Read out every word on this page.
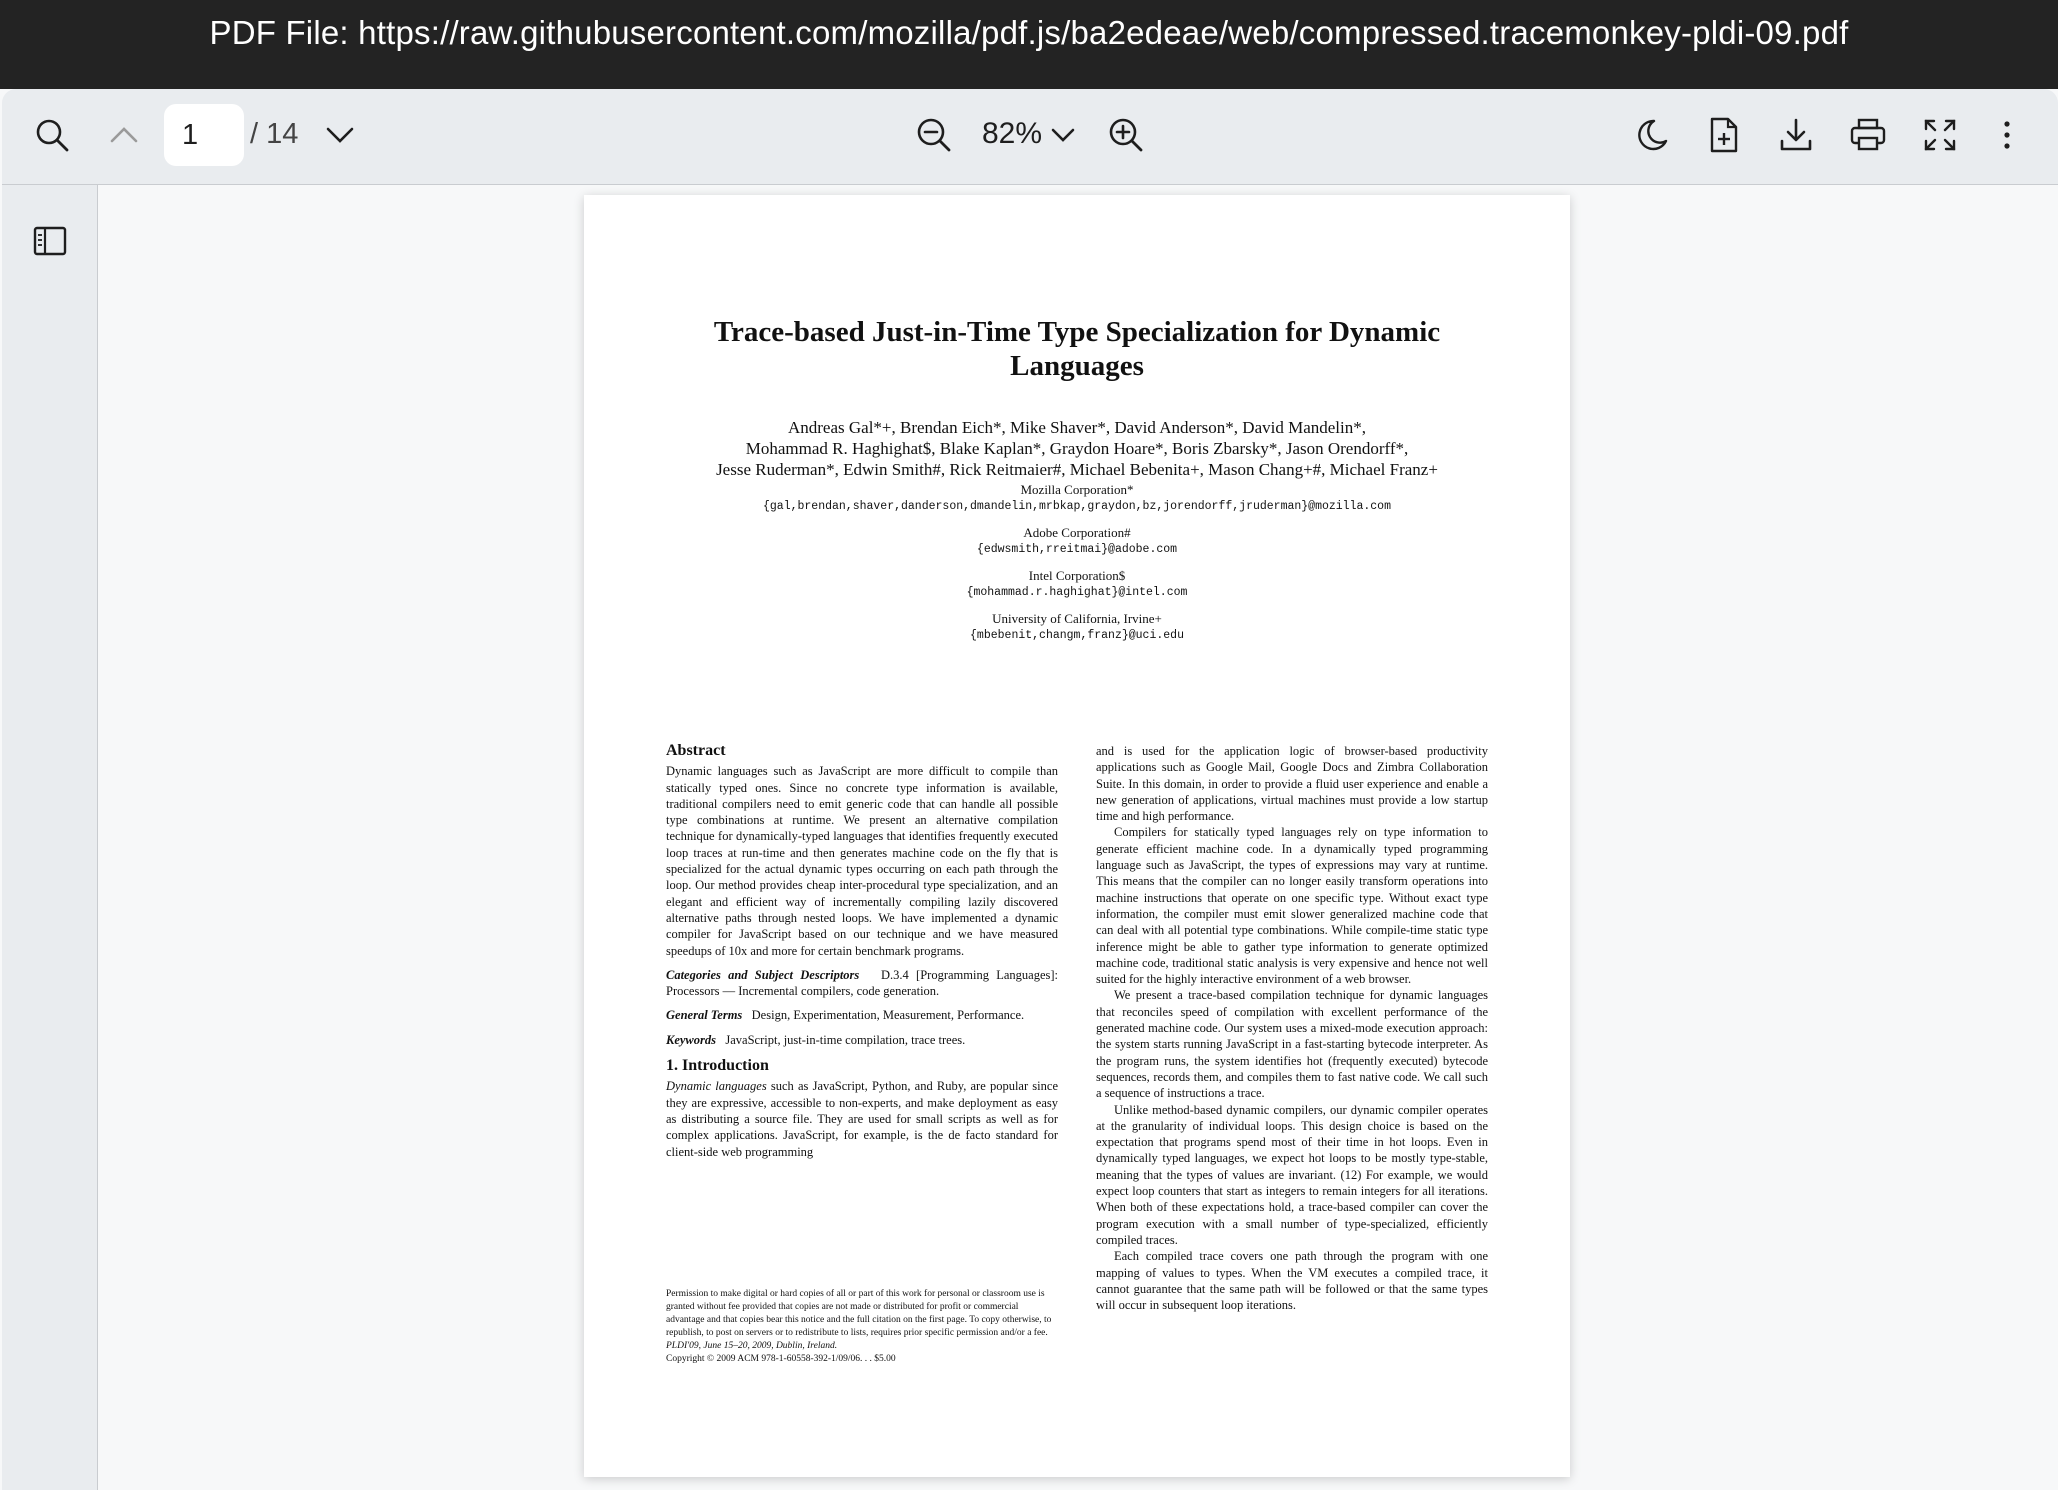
PDF File: https://raw.githubusercontent.com/mozilla/pdf.js/ba2edeae/web/compressed.tracemonkey-pldi-09.pdf
1
/ 14	82%
Trace-based Just-in-Time Type Specialization for Dynamic Languages
Andreas Gal*+, Brendan Eich*, Mike Shaver*, David Anderson*, David Mandelin*,
Mohammad R. Haghighat$, Blake Kaplan*, Graydon Hoare*, Boris Zbarsky*, Jason Orendorff*,
Jesse Ruderman*, Edwin Smith#, Rick Reitmaier#, Michael Bebenita+, Mason Chang+#, Michael Franz+
Mozilla Corporation*
{gal,brendan,shaver,danderson,dmandelin,mrbkap,graydon,bz,jorendorff,jruderman}@mozilla.com
Adobe Corporation#
{edwsmith,rreitmai}@adobe.com
Intel Corporation$
{mohammad.r.haghighat}@intel.com
University of California, Irvine+
{mbebenit,changm,franz}@uci.edu
Abstract

Dynamic languages such as JavaScript are more difficult to compile than statically typed ones. Since no concrete type information is available, traditional compilers need to emit generic code that can handle all possible type combinations at runtime. We present an alternative compilation technique for dynamically-typed languages that identifies frequently executed loop traces at run-time and then generates machine code on the fly that is specialized for the actual dynamic types occurring on each path through the loop. Our method provides cheap inter-procedural type specialization, and an elegant and efficient way of incrementally compiling lazily discovered alternative paths through nested loops. We have implemented a dynamic compiler for JavaScript based on our technique and we have measured speedups of 10x and more for certain benchmark programs.

Categories and Subject Descriptors D.3.4 [Programming Languages]: Processors — Incremental compilers, code generation.

General Terms Design, Experimentation, Measurement, Performance.

Keywords JavaScript, just-in-time compilation, trace trees.

1. Introduction

Dynamic languages such as JavaScript, Python, and Ruby, are popular since they are expressive, accessible to non-experts, and make deployment as easy as distributing a source file. They are used for small scripts as well as for complex applications. JavaScript, for example, is the de facto standard for client-side web programming

Permission to make digital or hard copies of all or part of this work for personal or classroom use is granted without fee provided that copies are not made or distributed for profit or commercial advantage and that copies bear this notice and the full citation on the first page. To copy otherwise, to republish, to post on servers or to redistribute to lists, requires prior specific permission and/or a fee.
PLDI'09, June 15–20, 2009, Dublin, Ireland.
Copyright © 2009 ACM 978-1-60558-392-1/09/06. . . $5.00

and is used for the application logic of browser-based productivity applications such as Google Mail, Google Docs and Zimbra Collaboration Suite. In this domain, in order to provide a fluid user experience and enable a new generation of applications, virtual machines must provide a low startup time and high performance.

Compilers for statically typed languages rely on type information to generate efficient machine code. In a dynamically typed programming language such as JavaScript, the types of expressions may vary at runtime. This means that the compiler can no longer easily transform operations into machine instructions that operate on one specific type. Without exact type information, the compiler must emit slower generalized machine code that can deal with all potential type combinations. While compile-time static type inference might be able to gather type information to generate optimized machine code, traditional static analysis is very expensive and hence not well suited for the highly interactive environment of a web browser.

We present a trace-based compilation technique for dynamic languages that reconciles speed of compilation with excellent performance of the generated machine code. Our system uses a mixed-mode execution approach: the system starts running JavaScript in a fast-starting bytecode interpreter. As the program runs, the system identifies hot (frequently executed) bytecode sequences, records them, and compiles them to fast native code. We call such a sequence of instructions a trace.

Unlike method-based dynamic compilers, our dynamic compiler operates at the granularity of individual loops. This design choice is based on the expectation that programs spend most of their time in hot loops. Even in dynamically typed languages, we expect hot loops to be mostly type-stable, meaning that the types of values are invariant. (12) For example, we would expect loop counters that start as integers to remain integers for all iterations. When both of these expectations hold, a trace-based compiler can cover the program execution with a small number of type-specialized, efficiently compiled traces.

Each compiled trace covers one path through the program with one mapping of values to types. When the VM executes a compiled trace, it cannot guarantee that the same path will be followed or that the same types will occur in subsequent loop iterations.
